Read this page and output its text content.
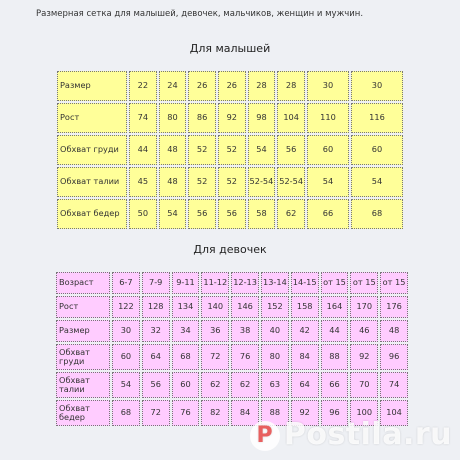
Размерная сетка для малышей, девочек, мальчиков, женщин и мужчин.
Для малышей
Размер	22	24	26	26	28	28	30	30
Рост	74	80	86	92	98	104	110	116
Обхват груди	44	48	52	52	54	56	60	60
Обхват талии	45	48	52	52	52-54	52-54	54	54
Обхват бедер	50	54	56	56	58	62	66	68
Для девочек
Возраст	6-7	7-9	9-11	11-12	12-13	13-14	14-15	от 15	от 15	от 15
Рост	122	128	134	140	146	152	158	164	170	176
Размер	30	32	34	36	38	40	42	44	46	48
Обхват груди	60	64	68	72	76	80	84	88	92	96
Обхват талии	54	56	60	62	62	63	64	66	70	74
Обхват бедер	68	72	76	82	84	88	92	96	100	104
P Postila.ru
